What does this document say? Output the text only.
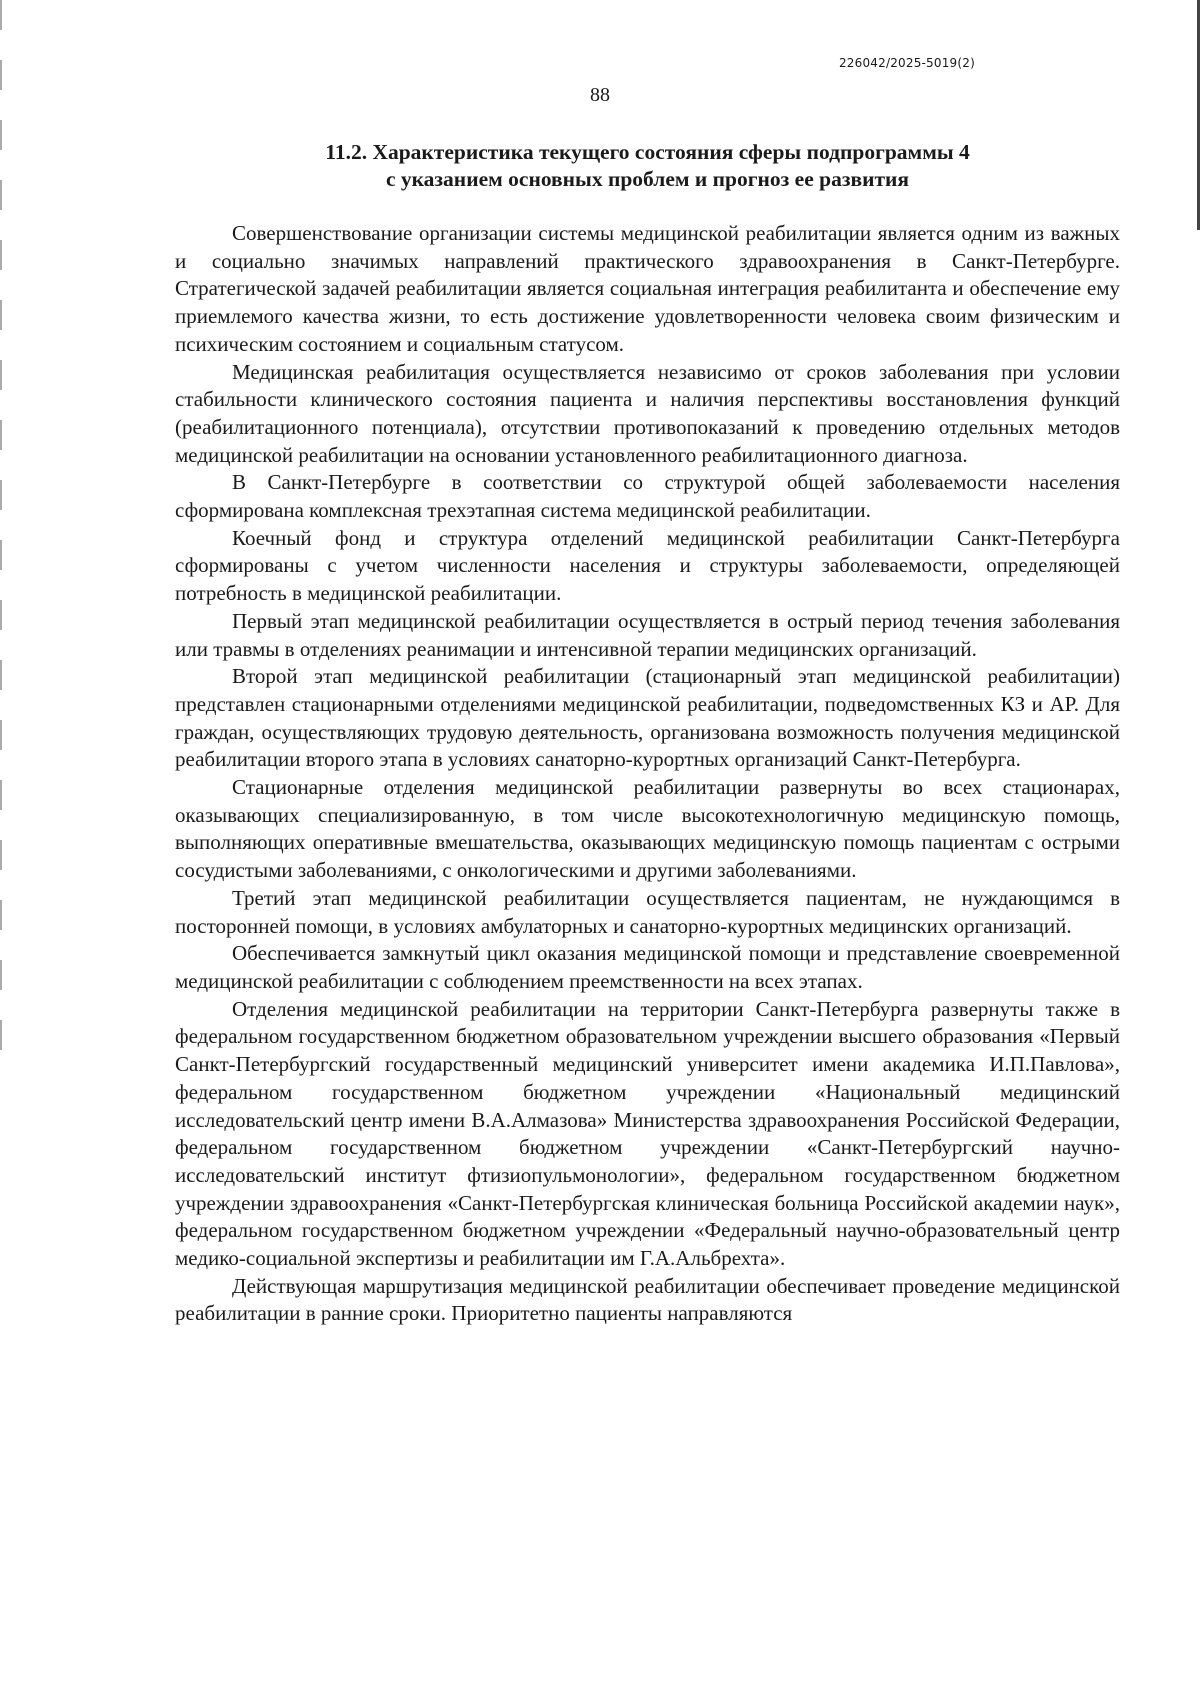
226042/2025-5019(2)
88
11.2. Характеристика текущего состояния сферы подпрограммы 4
с указанием основных проблем и прогноз ее развития

Совершенствование организации системы медицинской реабилитации является одним из важных и социально значимых направлений практического здравоохранения в Санкт-Петербурге. Стратегической задачей реабилитации является социальная интеграция реабилитанта и обеспечение ему приемлемого качества жизни, то есть достижение удовлетворенности человека своим физическим и психическим состоянием и социальным статусом.

Медицинская реабилитация осуществляется независимо от сроков заболевания при условии стабильности клинического состояния пациента и наличия перспективы восстановления функций (реабилитационного потенциала), отсутствии противопоказаний к проведению отдельных методов медицинской реабилитации на основании установленного реабилитационного диагноза.

В Санкт-Петербурге в соответствии со структурой общей заболеваемости населения сформирована комплексная трехэтапная система медицинской реабилитации.

Коечный фонд и структура отделений медицинской реабилитации Санкт-Петербурга сформированы с учетом численности населения и структуры заболеваемости, определяющей потребность в медицинской реабилитации.

Первый этап медицинской реабилитации осуществляется в острый период течения заболевания или травмы в отделениях реанимации и интенсивной терапии медицинских организаций.

Второй этап медицинской реабилитации (стационарный этап медицинской реабилитации) представлен стационарными отделениями медицинской реабилитации, подведомственных КЗ и АР. Для граждан, осуществляющих трудовую деятельность, организована возможность получения медицинской реабилитации второго этапа в условиях санаторно-курортных организаций Санкт-Петербурга.

Стационарные отделения медицинской реабилитации развернуты во всех стационарах, оказывающих специализированную, в том числе высокотехнологичную медицинскую помощь, выполняющих оперативные вмешательства, оказывающих медицинскую помощь пациентам с острыми сосудистыми заболеваниями, с онкологическими и другими заболеваниями.

Третий этап медицинской реабилитации осуществляется пациентам, не нуждающимся в посторонней помощи, в условиях амбулаторных и санаторно-курортных медицинских организаций.

Обеспечивается замкнутый цикл оказания медицинской помощи и представление своевременной медицинской реабилитации с соблюдением преемственности на всех этапах.

Отделения медицинской реабилитации на территории Санкт-Петербурга развернуты также в федеральном государственном бюджетном образовательном учреждении высшего образования «Первый Санкт-Петербургский государственный медицинский университет имени академика И.П.Павлова», федеральном государственном бюджетном учреждении «Национальный медицинский исследовательский центр имени В.А.Алмазова» Министерства здравоохранения Российской Федерации, федеральном государственном бюджетном учреждении «Санкт-Петербургский научно-исследовательский институт фтизиопульмонологии», федеральном государственном бюджетном учреждении здравоохранения «Санкт-Петербургская клиническая больница Российской академии наук», федеральном государственном бюджетном учреждении «Федеральный научно-образовательный центр медико-социальной экспертизы и реабилитации им Г.А.Альбрехта».

Действующая маршрутизация медицинской реабилитации обеспечивает проведение медицинской реабилитации в ранние сроки. Приоритетно пациенты направляются
